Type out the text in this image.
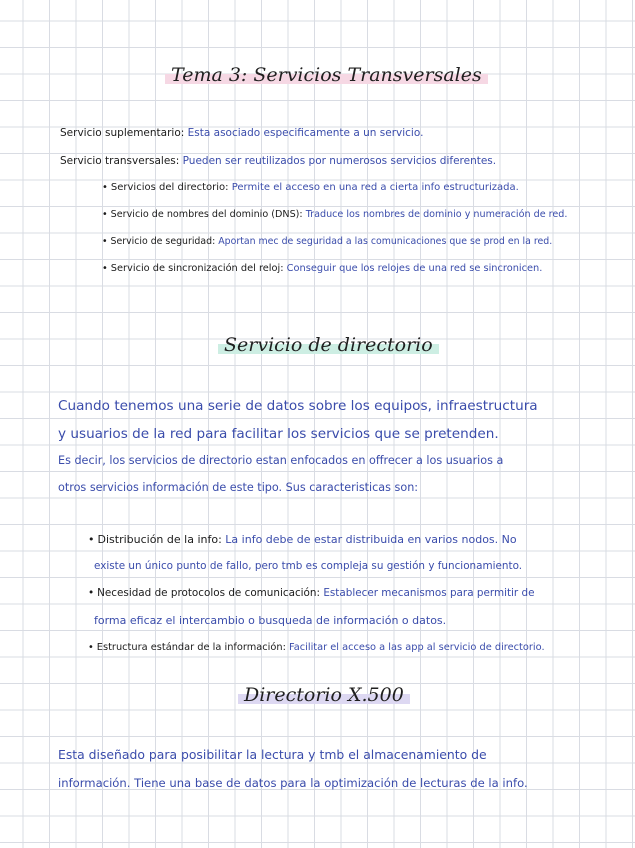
Tema 3: Servicios Transversales
Servicio suplementario: Esta asociado especificamente a un servicio.
Servicio transversales: Pueden ser reutilizados por numerosos servicios diferentes.
• Servicios del directorio: Permite el acceso en una red a cierta info estructurizada.
• Servicio de nombres del dominio (DNS): Traduce los nombres de dominio y numeración de red.
• Servicio de seguridad: Aportan mec de seguridad a las comunicaciones que se prod en la red.
• Servicio de sincronización del reloj: Conseguir que los relojes de una red se sincronicen.
Servicio de directorio
Cuando tenemos una serie de datos sobre los equipos, infraestructura
y usuarios de la red para facilitar los servicios que se pretenden.
Es decir, los servicios de directorio estan enfocados en offrecer a los usuarios a
otros servicios información de este tipo. Sus caracteristicas son:
• Distribución de la info: La info debe de estar distribuida en varios nodos. No
existe un único punto de fallo, pero tmb es compleja su gestión y funcionamiento.
• Necesidad de protocolos de comunicación: Establecer mecanismos para permitir de
forma eficaz el intercambio o busqueda de información o datos.
• Estructura estándar de la información: Facilitar el acceso a las app al servicio de directorio.
Directorio X.500
Esta diseñado para posibilitar la lectura y tmb el almacenamiento de
información. Tiene una base de datos para la optimización de lecturas de la info.
